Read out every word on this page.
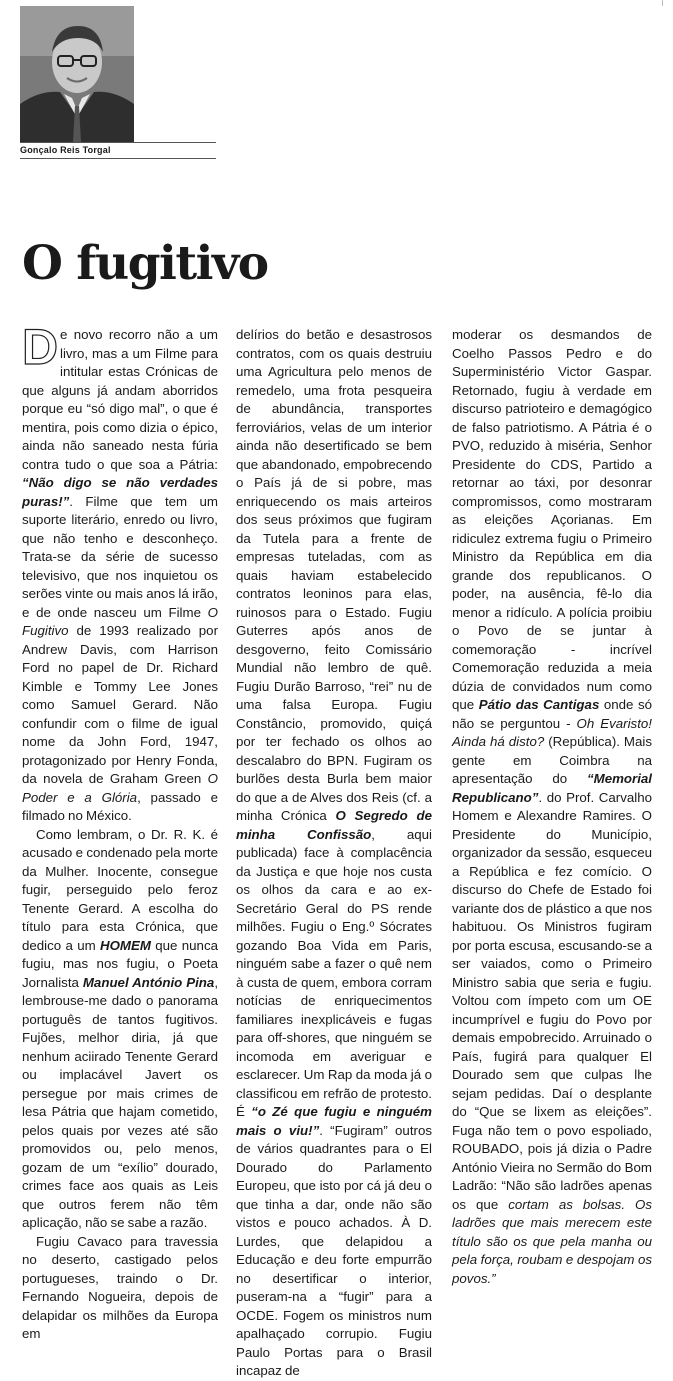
Gonçalo Reis Torgal
O fugitivo

De novo recorro não a um livro, mas a um Filme para intitular estas Crónicas de que alguns já andam aborridos porque eu “só digo mal”, o que é mentira, pois como dizia o épico, ainda não saneado nesta fúria contra tudo o que soa a Pátria: “Não digo se não verdades puras!”. Filme que tem um suporte literário, enredo ou livro, que não tenho e desconheço. Trata-se da série de sucesso televisivo, que nos inquietou os serões vinte ou mais anos lá irão, e de onde nasceu um Filme O Fugitivo de 1993 realizado por Andrew Davis, com Harrison Ford no papel de Dr. Richard Kimble e Tommy Lee Jones como Samuel Gerard. Não confundir com o filme de igual nome da John Ford, 1947, protagonizado por Henry Fonda, da novela de Graham Green O Poder e a Glória, passado e filmado no México.

Como lembram, o Dr. R. K. é acusado e condenado pela morte da Mulher. Inocente, consegue fugir, perseguido pelo feroz Tenente Gerard. A escolha do título para esta Crónica, que dedico a um HOMEM que nunca fugiu, mas nos fugiu, o Poeta Jornalista Manuel António Pina, lembrouse-me dado o panorama português de tantos fugitivos. Fujões, melhor diria, já que nenhum aciirado Tenente Gerard ou implacável Javert os persegue por mais crimes de lesa Pátria que hajam cometido, pelos quais por vezes até são promovidos ou, pelo menos, gozam de um “exílio” dourado, crimes face aos quais as Leis que outros ferem não têm aplicação, não se sabe a razão.

Fugiu Cavaco para travessia no deserto, castigado pelos portugueses, traindo o Dr. Fernando Nogueira, depois de delapidar os milhões da Europa em

delírios do betão e desastrosos contratos, com os quais destruiu uma Agricultura pelo menos de remedelo, uma frota pesqueira de abundância, transportes ferroviários, velas de um interior ainda não desertificado se bem que abandonado, empobrecendo o País já de si pobre, mas enriquecendo os mais arteiros dos seus próximos que fugiram da Tutela para a frente de empresas tuteladas, com as quais haviam estabelecido contratos leoninos para elas, ruinosos para o Estado. Fugiu Guterres após anos de desgoverno, feito Comissário Mundial não lembro de quê. Fugiu Durão Barroso, “rei” nu de uma falsa Europa. Fugiu Constâncio, promovido, quiçá por ter fechado os olhos ao descalabro do BPN. Fugiram os burlões desta Burla bem maior do que a de Alves dos Reis (cf. a minha Crónica O Segredo de minha Confissão, aqui publicada) face à complacência da Justiça e que hoje nos custa os olhos da cara e ao ex-Secretário Geral do PS rende milhões. Fugiu o Eng.º Sócrates gozando Boa Vida em Paris, ninguém sabe a fazer o quê nem à custa de quem, embora corram notícias de enriquecimentos familiares inexplicáveis e fugas para off-shores, que ninguém se incomoda em averiguar e esclarecer. Um Rap da moda já o classificou em refrão de protesto. É “o Zé que fugiu e ninguém mais o viu!”. “Fugiram” outros de vários quadrantes para o El Dourado do Parlamento Europeu, que isto por cá já deu o que tinha a dar, onde não são vistos e pouco achados. À D. Lurdes, que delapidou a Educação e deu forte empurrão no desertificar o interior, puseram-na a “fugir” para a OCDE. Fogem os ministros num apalhaçado corrupio. Fugiu Paulo Portas para o Brasil incapaz de

moderar os desmandos de Coelho Passos Pedro e do Superministério Victor Gaspar. Retornado, fugiu à verdade em discurso patrioteiro e demagógico de falso patriotismo. A Pátria é o PVO, reduzido à miséria, Senhor Presidente do CDS, Partido a retornar ao táxi, por desonrar compromissos, como mostraram as eleições Açorianas. Em ridiculez extrema fugiu o Primeiro Ministro da República em dia grande dos republicanos. O poder, na ausência, fê-lo dia menor a ridículo. A polícia proibiu o Povo de se juntar à comemoração - incrível Comemoração reduzida a meia dúzia de convidados num como que Pátio das Cantigas onde só não se perguntou - Oh Evaristo! Ainda há disto? (República). Mais gente em Coimbra na apresentação do “Memorial Republicano”. do Prof. Carvalho Homem e Alexandre Ramires. O Presidente do Município, organizador da sessão, esqueceu a República e fez comício. O discurso do Chefe de Estado foi variante dos de plástico a que nos habituou. Os Ministros fugiram por porta escusa, escusando-se a ser vaiados, como o Primeiro Ministro sabia que seria e fugiu. Voltou com ímpeto com um OE incumprível e fugiu do Povo por demais empobrecido. Arruinado o País, fugirá para qualquer El Dourado sem que culpas lhe sejam pedidas. Daí o desplante do “Que se lixem as eleições”. Fuga não tem o povo espoliado, ROUBADO, pois já dizia o Padre António Vieira no Sermão do Bom Ladrão: “Não são ladrões apenas os que cortam as bolsas. Os ladrões que mais merecem este título são os que pela manha ou pela força, roubam e despojam os povos.”
